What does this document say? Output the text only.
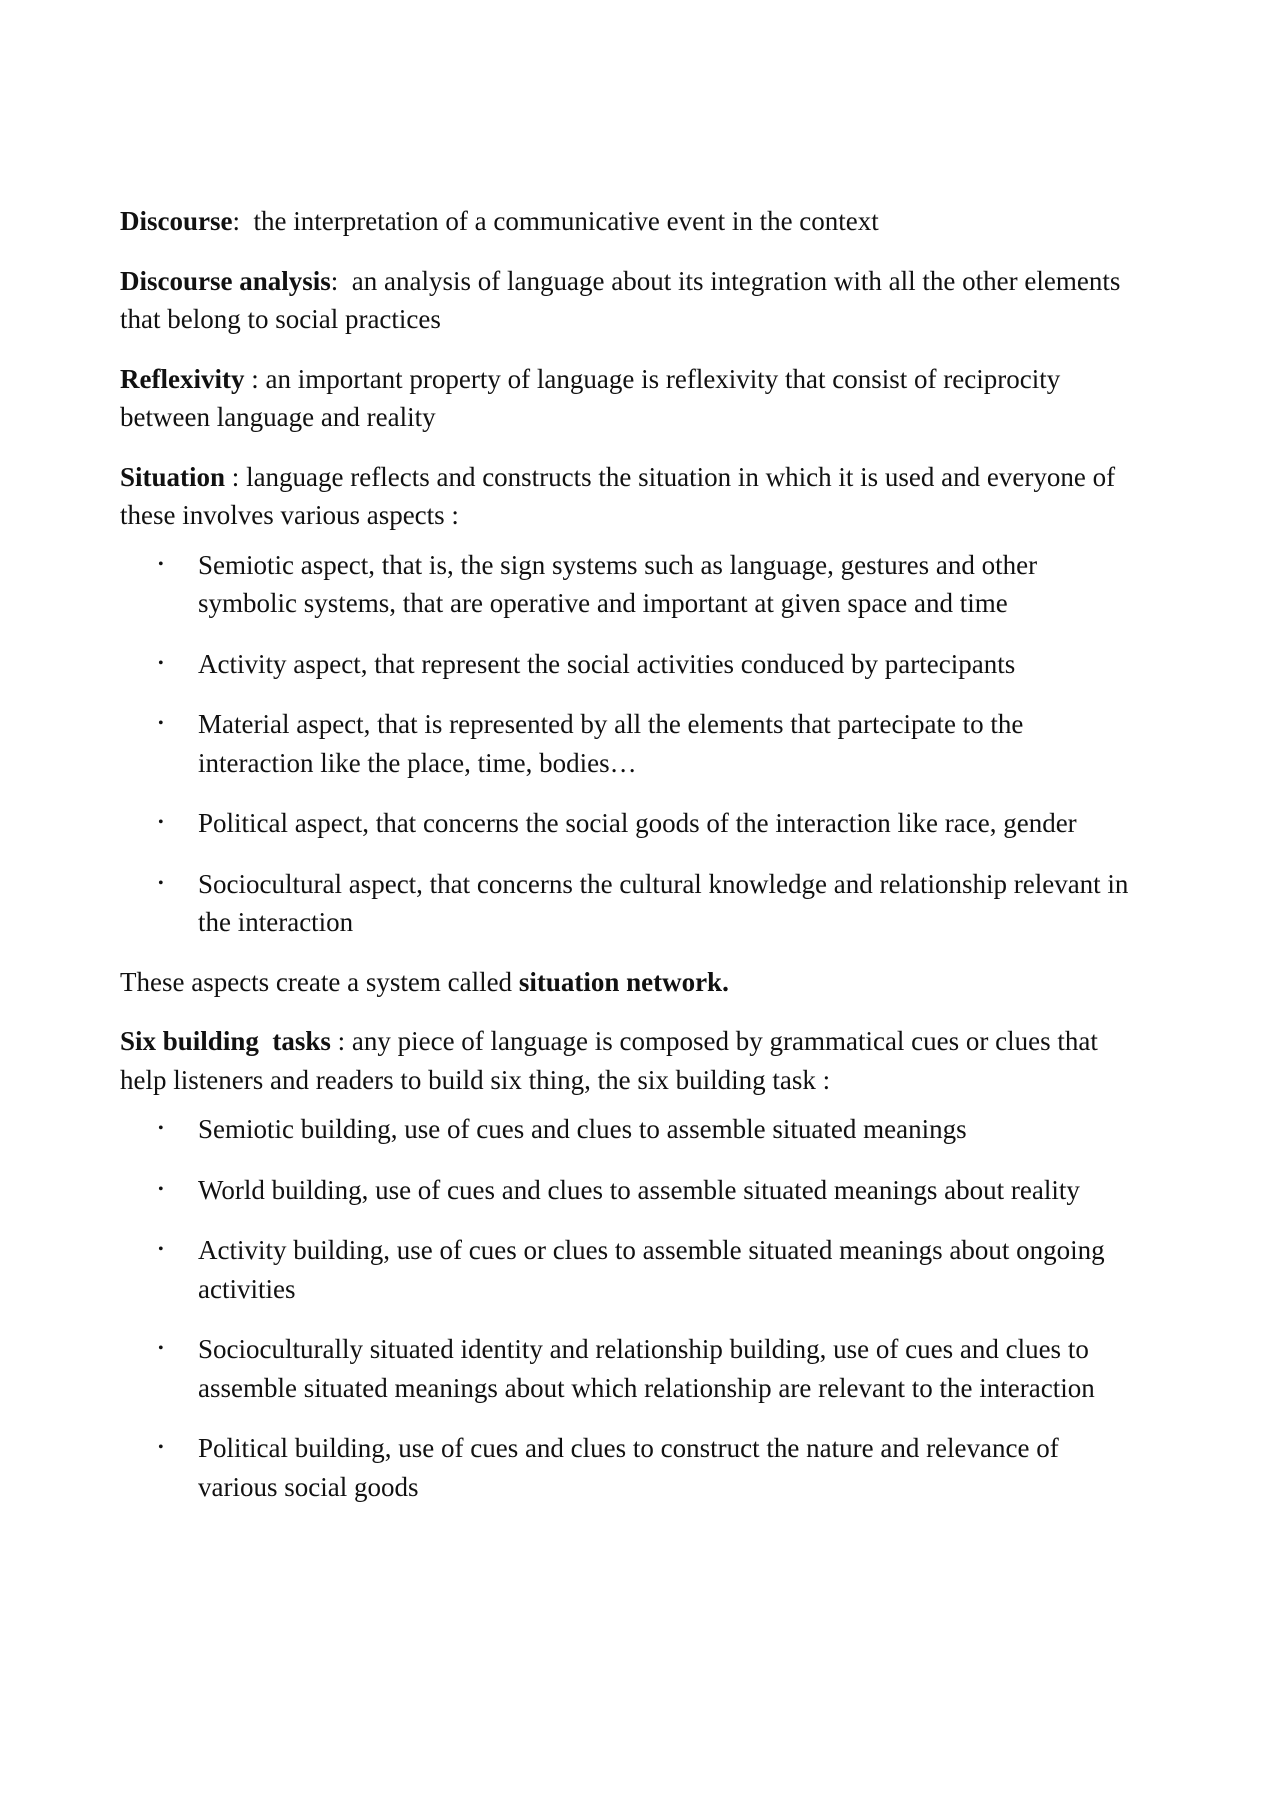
Discourse:  the interpretation of a communicative event in the context

Discourse analysis:  an analysis of language about its integration with all the other elements that belong to social practices

Reflexivity : an important property of language is reflexivity that consist of reciprocity between language and reality

Situation : language reflects and constructs the situation in which it is used and everyone of these involves various aspects :

• Semiotic aspect, that is, the sign systems such as language, gestures and other symbolic systems, that are operative and important at given space and time
• Activity aspect, that represent the social activities conduced by partecipants
• Material aspect, that is represented by all the elements that partecipate to the interaction like the place, time, bodies…
• Political aspect, that concerns the social goods of the interaction like race, gender
• Sociocultural aspect, that concerns the cultural knowledge and relationship relevant in the interaction

These aspects create a system called situation network.

Six building  tasks : any piece of language is composed by grammatical cues or clues that help listeners and readers to build six thing, the six building task :

• Semiotic building, use of cues and clues to assemble situated meanings
• World building, use of cues and clues to assemble situated meanings about reality
• Activity building, use of cues or clues to assemble situated meanings about ongoing activities
• Socioculturally situated identity and relationship building, use of cues and clues to assemble situated meanings about which relationship are relevant to the interaction
• Political building, use of cues and clues to construct the nature and relevance of various social goods
